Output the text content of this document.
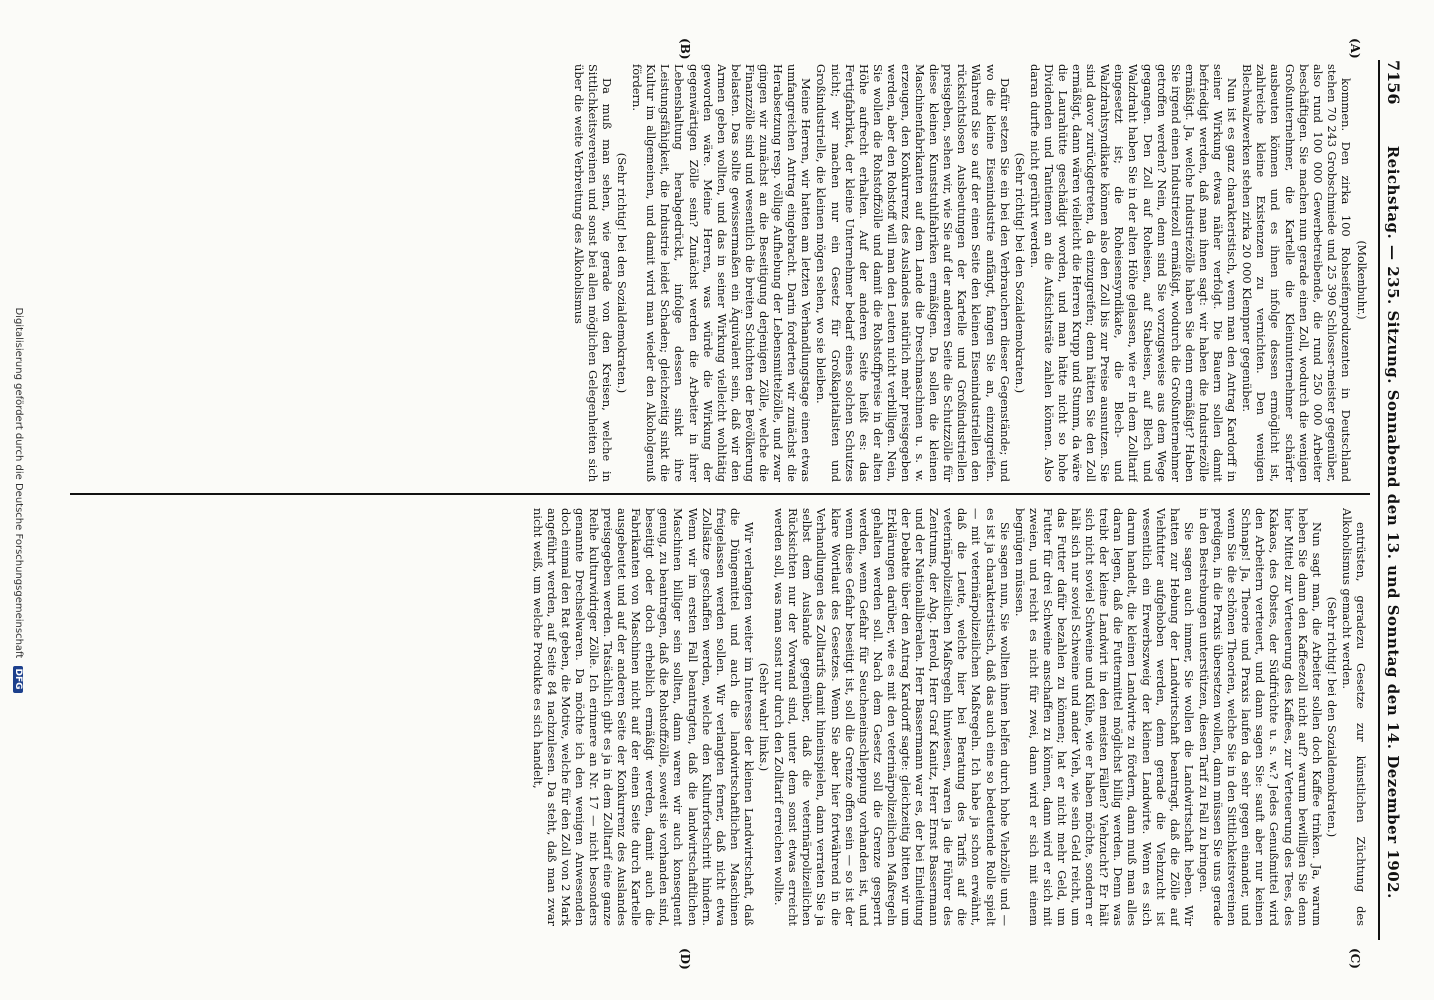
7156
Reichstag. — 235. Sitzung. Sonnabend den 13. und Sonntag den 14. Dezember 1902.
(A)
(B)
(C)
(D)

(Molkenbuhr.)

kommen. Den zirka 100 Rohseifenproduzenten in Deutschland stehen 70 243 Grobschmiede und 25 390 Schlosser-meister gegenüber, also rund 100 000 Gewerbetreibende, die rund 250 000 Arbeiter beschäftigen. Sie machen nun gerade einen Zoll, wodurch die wenigen Großunternehmer, die Kartelle die Kleinunternehmer schärfer ausbeuten können und es ihnen infolge dessen ermöglicht ist, zahlreiche kleine Existenzen zu vernichten. Den wenigen Blechwalzwerken stehen zirka 20 000 Klempner gegenüber.

Nun ist es ganz charakteristisch, wenn man den Antrag Kardorff in seiner Wirkung etwas näher verfolgt. Die Bauern sollen damit befriedigt werden, daß man ihnen sagt: wir haben die Industriezölle ermäßigt. Ja, welche Industriezölle haben Sie denn ermäßigt? Haben Sie irgend einen Industriezoll ermäßigt, wodurch die Großunternehmer getroffen werden? Nein, denn sind Sie vorzugsweise aus dem Wege gegangen. Den Zoll auf Roheisen, auf Stabeisen, auf Blech und Walzdraht haben Sie in der alten Höhe gelassen, wie er in dem Zolltarif eingesetzt ist; die Roheisensyndikate, die Blech- und Walzdrahtsyndikate können also den Zoll bis zur Preise ausnutzen. Sie sind davor zurückgetreten, da einzugreifen; denn hätten Sie den Zoll ermäßigt, dann wären vielleicht die Herren Krupp und Stumm, da wäre die Laurahütte geschädigt worden, und man hätte nicht so hohe Dividenden und Tantiemen an die Aufsichtsräte zahlen können. Also daran durfte nicht gerührt werden.

(Sehr richtig! bei den Sozialdemokraten.)

Dafür setzen Sie ein bei den Verbrauchern dieser Gegenstände; und wo die kleine Eisenindustrie anfängt, fangen Sie an, einzugreifen. Während Sie so auf der einen Seite den kleinen Eisenindustriellen den rücksichtslosen Ausbeutungen der Kartelle und Großindustriellen preisgeben, sehen wir, wie Sie auf der anderen Seite die Schutzzölle für diese kleinen Kunststuhlfabriken ermäßigen. Da sollen die kleinen Maschinenfabrikanten auf dem Lande die Dreschmaschinen u. s. w. erzeugen, den Konkurrenz des Auslandes natürlich mehr preisgegeben werden, aber den Rohstoff will man den Leuten nicht verbilligen. Nein, Sie wollen die Rohstoffzölle und damit die Rohstoffpreise in der alten Höhe aufrecht erhalten. Auf der anderen Seite heißt es: das Fertigfabrikat, der kleine Unternehmer bedarf eines solchen Schutzes nicht; wir machen nur ein Gesetz für Großkapitalisten und Großindustrielle, die kleinen mögen sehen, wo sie bleiben.

Meine Herren, wir hatten am letzten Verhandlungstage einen etwas umfangreichen Antrag eingebracht. Darin forderten wir zunächst die Herabsetzung resp. völlige Aufhebung der Lebensmittelzölle, und zwar gingen wir zunächst an die Beseitigung derjenigen Zölle, welche die Finanzzölle sind und wesentlich die breiten Schichten der Bevölkerung belasten. Das sollte gewissermaßen ein Äquivalent sein, daß wir den Armen geben wollten, und das in seiner Wirkung vielleicht wohltätig geworden wäre. Meine Herren, was würde die Wirkung der gegenwärtigen Zölle sein? Zunächst werden die Arbeiter in ihrer Lebenshaltung herabgedrückt, infolge dessen sinkt ihre Leistungsfähigkeit, die Industrie leidet Schaden; gleichzeitig sinkt die Kultur im allgemeinen, und damit wird man wieder den Alkoholgenuß fördern.

(Sehr richtig! bei den Sozialdemokraten.)

Da muß man sehen, wie gerade von den Kreisen, welche in Sittlichkeitsvereinen und sonst bei allen möglichen Gelegenheiten sich über die weite Verbreitung des Alkoholismus

entrüsten, geradezu Gesetze zur künstlichen Züchtung des Alkoholismus gemacht werden.

(Sehr richtig! bei den Sozialdemokraten.)

Nun sagt man, die Arbeiter sollen doch Kaffee trinken. Ja, warum heben Sie dann den Kaffeezoll nicht auf? warum bewilligen Sie denn hier Mittel zur Verteuerung des Kaffees, zur Verteuerung des Tees, des Kakaos, des Obstes, der Südfrüchte u. s. w.? Jedes Genußmittel wird den Arbeitern verteuert, und dann sagen Sie: sauft aber nur keinen Schnaps! Ja, Theorie und Praxis laufen da sehr gegen einander, und wenn Sie die schönen Theorien, welche Sie in den Sittlichkeitsvereinen predigen, in die Praxis übersetzen wollen, dann müssen Sie uns gerade in den Bestrebungen unterstützen, diesen Tarif zu Fall zu bringen.

Sie sagen auch immer, Sie wollen die Landwirtschaft heben. Wir hatten zur Hebung der Landwirtschaft beantragt, daß die Zölle auf Viehfutter aufgehoben werden, denn gerade die Viehzucht ist wesentlich ein Erwerbszweig der kleinen Landwirte. Wenn es sich darum handelt, die kleinen Landwirte zu fördern, dann muß man alles daran legen, daß die Futtermittel möglichst billig werden. Denn was treibt der kleine Landwirt in den meisten Fällen? Viehzucht? Er hält sich nicht soviel Schweine und Kühe, wie er haben möchte, sondern er hält sich nur soviel Schweine und ander Vieh, wie sein Geld reicht, um das Futter dafür bezahlen zu können; hat er nicht mehr Geld, um Futter für drei Schweine anschaffen zu können, dann wird er sich mit zweien, und reicht es nicht für zwei, dann wird er sich mit einem begnügen müssen.

Sie sagen nun, Sie wollten ihnen helfen durch hohe Viehzölle und — es ist ja charakteristisch, daß das auch eine so bedeutende Rolle spielt — mit veterinärpolizeilichen Maßregeln. Ich habe ja schon erwähnt, daß die Leute, welche hier bei Beratung des Tarifs auf die veterinärpolizeilichen Maßregeln hinwiesen, waren ja die Führer des Zentrums, der Abg. Herold, Herr Graf Kanitz, Herr Ernst Bassermann und der Nationalliberalen. Herr Bassermann war es, der bei Einleitung der Debatte über den Antrag Kardorff sagte: gleichzeitig bitten wir um Erklärungen darüber, wie es mit den veterinärpolizeilichen Maßregeln gehalten werden soll. Nach dem Gesetz soll die Grenze gesperrt werden, wenn Gefahr für Seucheneinschleppung vorhanden ist, und wenn diese Gefahr beseitigt ist, soll die Grenze offen sein — so ist der klare Wortlaut des Gesetzes. Wenn Sie aber hier fortwährend in die Verhandlungen des Zolltarifs damit hineinspielen, dann verraten Sie ja selbst dem Auslande gegenüber, daß die veterinärpolizeilichen Rücksichten nur der Vorwand sind, unter dem sonst etwas erreicht werden soll, was man sonst nur durch den Zolltarif erreichen wollte.

(Sehr wahr! links.)

Wir verlangten weiter im Interesse der kleinen Landwirtschaft, daß die Düngemittel und auch die landwirtschaftlichen Maschinen freigelassen werden sollen. Wir verlangten ferner, daß nicht etwa Zollsätze geschaffen werden, welche den Kulturfortschritt hindern. Wenn wir im ersten Fall beantragten, daß die landwirtschaftlichen Maschinen billiger sein sollten, dann waren wir auch konsequent genug, zu beantragen, daß die Rohstoffzölle, soweit sie vorhanden sind, beseitigt oder doch erheblich ermäßigt werden, damit auch die Fabrikanten von Maschinen nicht auf der einen Seite durch Kartelle ausgebeutet und auf der anderen Seite der Konkurrenz des Auslandes preisgegeben werden. Tatsächlich gibt es ja in dem Zolltarif eine ganze Reihe kulturwidriger Zölle. Ich erinnere an Nr. 17 — nicht besonders genannte Drechselwaren. Da möchte ich den wenigen Anwesenden doch einmal den Rat geben, die Motive, welche für den Zoll von 2 Mark angeführt werden, auf Seite 84 nachzulesen. Da steht, daß man zwar nicht weiß, um welche Produkte es sich handelt,

Digitalisierung gefördert durch die Deutsche Forschungsgemeinschaft DFG
